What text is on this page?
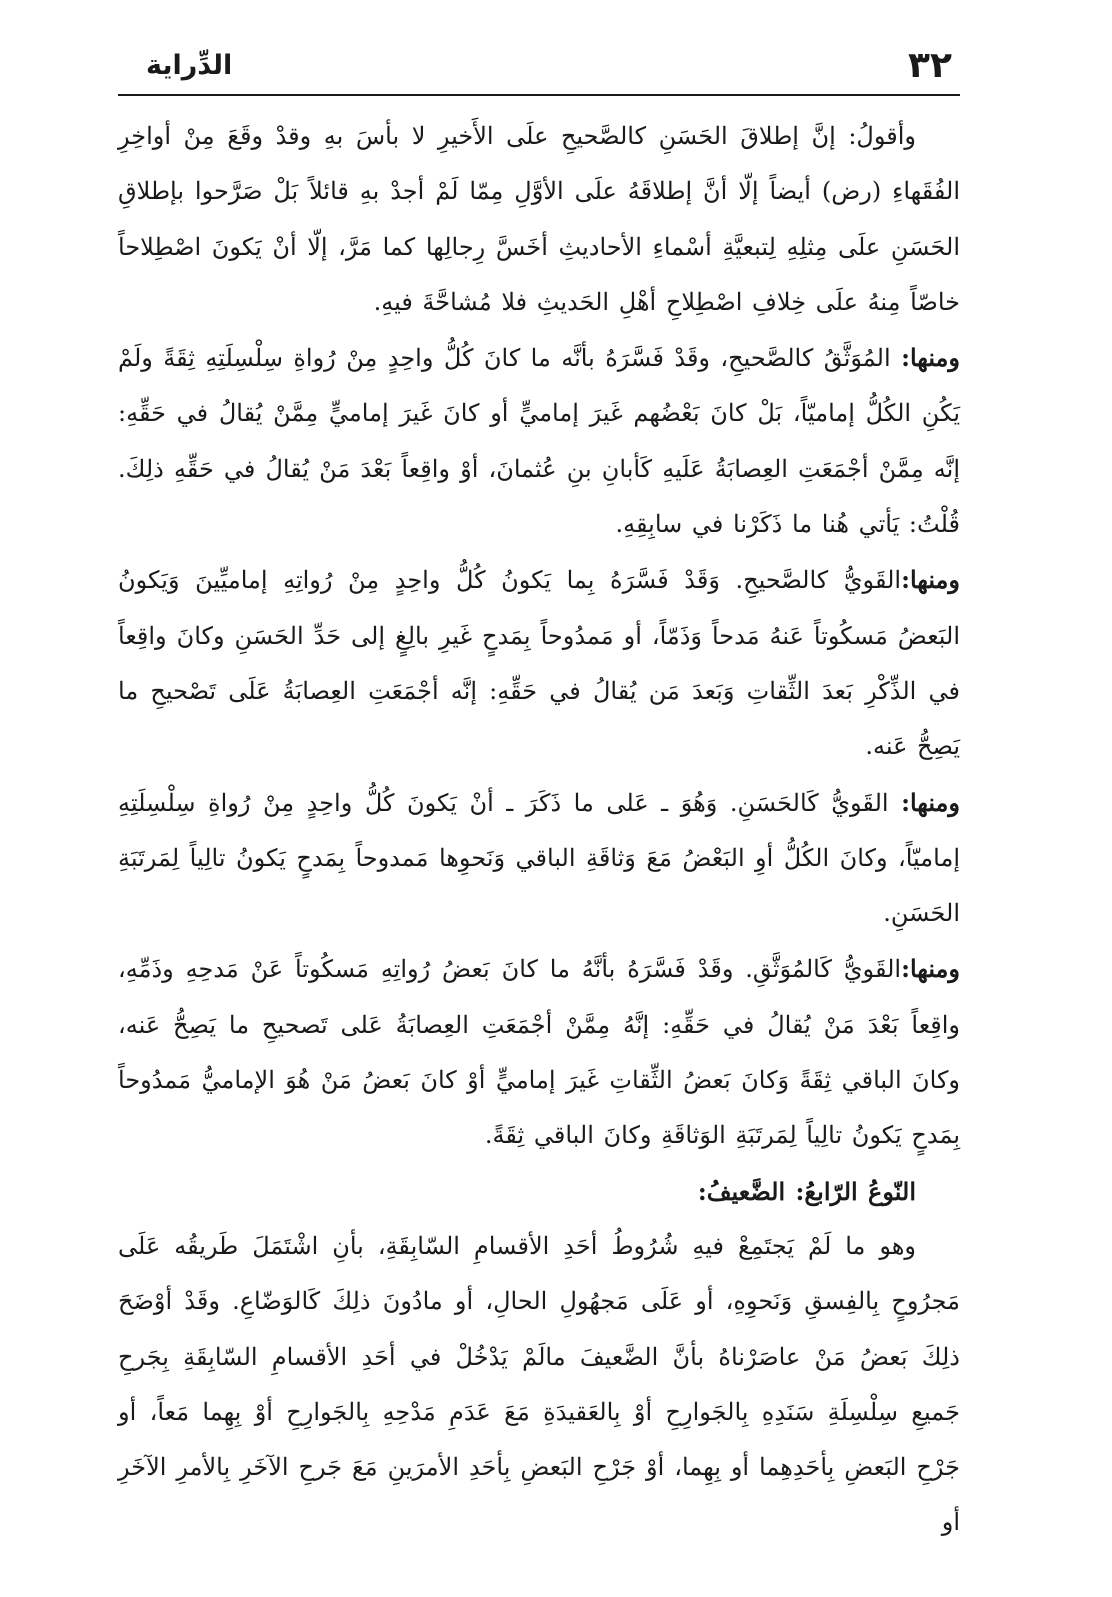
٣٢
الدِّراية

وأقولُ: إنَّ إطلاقَ الحَسَنِ كالصَّحيحِ علَى الأَخيرِ لا بأسَ بهِ وقدْ وقَعَ مِنْ أواخِرِ الفُقَهاءِ (رض) أيضاً إلّا أنَّ إطلاقَهُ علَى الأوَّلِ مِمّا لَمْ أجدْ بهِ قائلاً بَلْ صَرَّحوا بإطلاقِ الحَسَنِ علَى مِثلِهِ لِتبعيَّةِ أسْماءِ الأحاديثِ أخَسَّ رِجالِها كما مَرَّ، إلّا أنْ يَكونَ اصْطِلاحاً خاصّاً مِنهُ علَى خِلافِ اصْطِلاحِ أهْلِ الحَديثِ فلا مُشاحَّةَ فيهِ.

ومنها: المُوَثَّقُ كالصَّحيحِ، وقَدْ فَسَّرَهُ بأنَّه ما كانَ كُلُّ واحِدٍ مِنْ رُواةِ سِلْسِلَتِهِ ثِقَةً ولَمْ يَكُنِ الكُلُّ إماميّاً، بَلْ كانَ بَعْضُهم غَيرَ إماميٍّ أو كانَ غَيرَ إماميٍّ مِمَّنْ يُقالُ في حَقِّهِ: إنَّه مِمَّنْ أجْمَعَتِ العِصابَةُ عَلَيهِ كَأبانِ بنِ عُثمانَ، أوْ واقِعاً بَعْدَ مَنْ يُقالُ في حَقِّهِ ذلِكَ. قُلْتُ: يَأتي هُنا ما ذَكَرْنا في سابِقِهِ.

ومنها:القَويُّ كالصَّحيحِ. وَقَدْ فَسَّرَهُ بِما يَكونُ كُلُّ واحِدٍ مِنْ رُواتِهِ إماميِّينَ وَيَكونُ البَعضُ مَسكُوتاً عَنهُ مَدحاً وَذَمّاً، أو مَمدُوحاً بِمَدحٍ غَيرِ بالِغٍ إلى حَدِّ الحَسَنِ وكانَ واقِعاً في الذِّكْرِ بَعدَ الثِّقاتِ وَبَعدَ مَن يُقالُ في حَقِّهِ: إنَّه أجْمَعَتِ العِصابَةُ عَلَى تَصْحيحِ ما يَصِحُّ عَنه.

ومنها: القَويُّ كَالحَسَنِ. وَهُوَ ـ عَلى ما ذَكَرَ ـ أنْ يَكونَ كُلُّ واحِدٍ مِنْ رُواةِ سِلْسِلَتِهِ إماميّاً، وكانَ الكُلُّ أوِ البَعْضُ مَعَ وَثاقَةِ الباقي وَنَحوِها مَمدوحاً بِمَدحٍ يَكونُ تالِياً لِمَرتَبَةِ الحَسَنِ.

ومنها:القَويُّ كَالمُوَثَّقِ. وقَدْ فَسَّرَهُ بأنَّهُ ما كانَ بَعضُ رُواتِهِ مَسكُوتاً عَنْ مَدحِهِ وذَمِّهِ، واقِعاً بَعْدَ مَنْ يُقالُ في حَقِّهِ: إنَّهُ مِمَّنْ أجْمَعَتِ العِصابَةُ عَلى تَصحيحِ ما يَصِحُّ عَنه، وكانَ الباقي ثِقَةً وَكانَ بَعضُ الثِّقاتِ غَيرَ إماميٍّ أوْ كانَ بَعضُ مَنْ هُوَ الإماميُّ مَمدُوحاً بِمَدحٍ يَكونُ تالِياً لِمَرتَبَةِ الوَثاقَةِ وكانَ الباقي ثِقَةً.

النّوعُ الرّابعُ: الضَّعيفُ:

وهو ما لَمْ يَجتَمِعْ فيهِ شُرُوطُ أحَدِ الأقسامِ السّابِقَةِ، بأنِ اشْتَمَلَ طَريقُه عَلَى مَجرُوحٍ بِالفِسقِ وَنَحوِهِ، أو عَلَى مَجهُولِ الحالِ، أو مادُونَ ذلِكَ كَالوَضّاعِ. وقَدْ أوْضَحَ ذلِكَ بَعضُ مَنْ عاصَرْناهُ بأنَّ الضَّعيفَ مالَمْ يَدْخُلْ في أحَدِ الأقسامِ السّابِقَةِ بِجَرحِ جَميعِ سِلْسِلَةِ سَنَدِهِ بِالجَوارِحِ أوْ بِالعَقيدَةِ مَعَ عَدَمِ مَدْحِهِ بِالجَوارِحِ أوْ بِهِما مَعاً، أو جَرْحِ البَعضِ بِأحَدِهِما أو بِهِما، أوْ جَرْحِ البَعضِ بِأحَدِ الأمرَينِ مَعَ جَرحِ الآخَرِ بِالأمرِ الآخَرِ أو
